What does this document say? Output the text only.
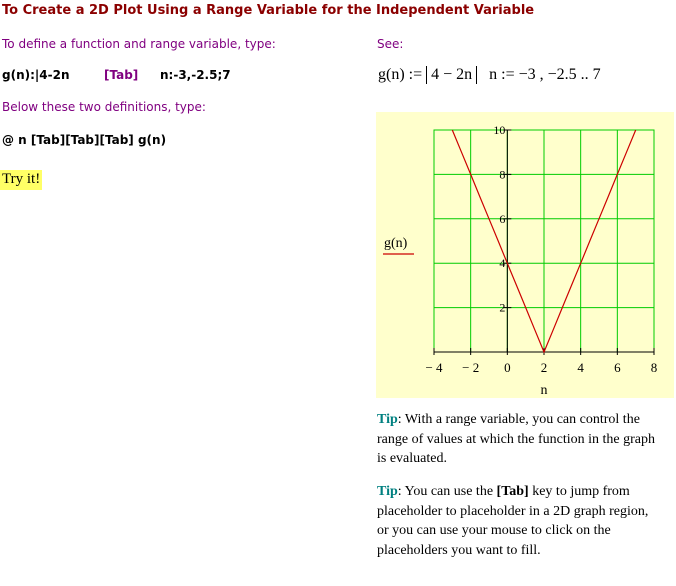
To Create a 2D Plot Using a Range Variable for the Independent Variable
To define a function and range variable, type:	See:
g(n):|4-2n	[Tab] n:-3,-2.5;7	g(n) := 4 − 2n n := −3 , −2.5 .. 7
Below these two definitions, type:
@ n [Tab][Tab][Tab] g(n)
Try it!
− 4 − 2 0 2 4 6 8
2
4
6
8
10
n
g(n)
Tip: With a range variable, you can control the range of values at which the function in the graph is evaluated.
Tip: You can use the [Tab] key to jump from placeholder to placeholder in a 2D graph region, or you can use your mouse to click on the placeholders you want to fill.
